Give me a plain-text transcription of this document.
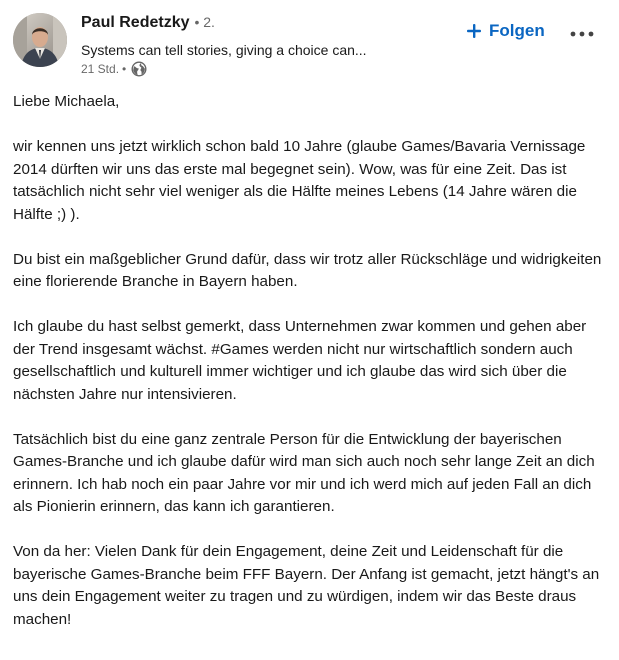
Paul Redetzky • 2.
Systems can tell stories, giving a choice can...
21 Std. •
Folgen

Liebe Michaela,

wir kennen uns jetzt wirklich schon bald 10 Jahre (glaube Games/Bavaria Vernissage 2014 dürften wir uns das erste mal begegnet sein). Wow, was für eine Zeit. Das ist tatsächlich nicht sehr viel weniger als die Hälfte meines Lebens (14 Jahre wären die Hälfte ;) ).

Du bist ein maßgeblicher Grund dafür, dass wir trotz aller Rückschläge und widrigkeiten eine florierende Branche in Bayern haben.

Ich glaube du hast selbst gemerkt, dass Unternehmen zwar kommen und gehen aber der Trend insgesamt wächst. #Games werden nicht nur wirtschaftlich sondern auch gesellschaftlich und kulturell immer wichtiger und ich glaube das wird sich über die nächsten Jahre nur intensivieren.

Tatsächlich bist du eine ganz zentrale Person für die Entwicklung der bayerischen Games-Branche und ich glaube dafür wird man sich auch noch sehr lange Zeit an dich erinnern. Ich hab noch ein paar Jahre vor mir und ich werd mich auf jeden Fall an dich als Pionierin erinnern, das kann ich garantieren.

Von da her: Vielen Dank für dein Engagement, deine Zeit und Leidenschaft für die bayerische Games-Branche beim FFF Bayern. Der Anfang ist gemacht, jetzt hängt's an uns dein Engagement weiter zu tragen und zu würdigen, indem wir das Beste draus machen!
